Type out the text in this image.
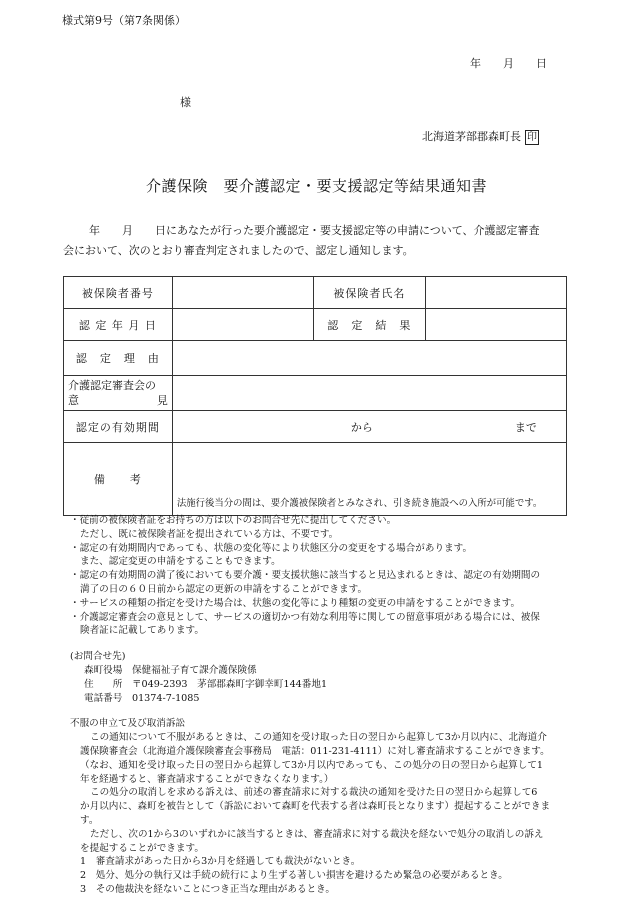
様式第9号（第7条関係）
年　　月　　日
様
北海道茅部郡森町長 印
介護保険　要介護認定・要支援認定等結果通知書
年　　月　　日にあなたが行った要介護認定・要支援認定等の申請について、介護認定審査
会において、次のとおり審査判定されましたので、認定し通知します。
被保険者番号		被保険者氏名	
認 定 年 月 日		認　定　結　果	
認　定　理　由			

介護認定審査会の
意 見			

認定の有効期間	から まで		

備　　考	法施行後当分の間は、要介護被保険者とみなされ、引き続き施設への入所が可能です。		

・従前の被保険者証をお持ちの方は以下のお問合せ先に提出してください。

ただし、既に被保険者証を提出されている方は、不要です。

・認定の有効期間内であっても、状態の変化等により状態区分の変更をする場合があります。

また、認定変更の申請をすることもできます。

・認定の有効期間の満了後においても要介護・要支援状態に該当すると見込まれるときは、認定の有効期間の

満了の日の６０日前から認定の更新の申請をすることができます。

・サービスの種類の指定を受けた場合は、状態の変化等により種類の変更の申請をすることができます。

・介護認定審査会の意見として、サービスの適切かつ有効な利用等に関しての留意事項がある場合には、被保

険者証に記載してあります。

(お問合せ先)

森町役場　保健福祉子育て課介護保険係

住　　所　〒049-2393　茅部郡森町字御幸町144番地1

電話番号　01374-7-1085

不服の申立て及び取消訴訟

この通知について不服があるときは、この通知を受け取った日の翌日から起算して3か月以内に、北海道介

護保険審査会（北海道介護保険審査会事務局　電話：011-231-4111）に対し審査請求することができます。

（なお、通知を受け取った日の翌日から起算して3か月以内であっても、この処分の日の翌日から起算して1

年を経過すると、審査請求することができなくなります。）

この処分の取消しを求める訴えは、前述の審査請求に対する裁決の通知を受けた日の翌日から起算して6

か月以内に、森町を被告として（訴訟において森町を代表する者は森町長となります）提起することができま

す。

ただし、次の1から3のいずれかに該当するときは、審査請求に対する裁決を経ないで処分の取消しの訴え

を提起することができます。

1　審査請求があった日から3か月を経過しても裁決がないとき。

2　処分、処分の執行又は手続の続行により生ずる著しい損害を避けるため緊急の必要があるとき。

3　その他裁決を経ないことにつき正当な理由があるとき。
